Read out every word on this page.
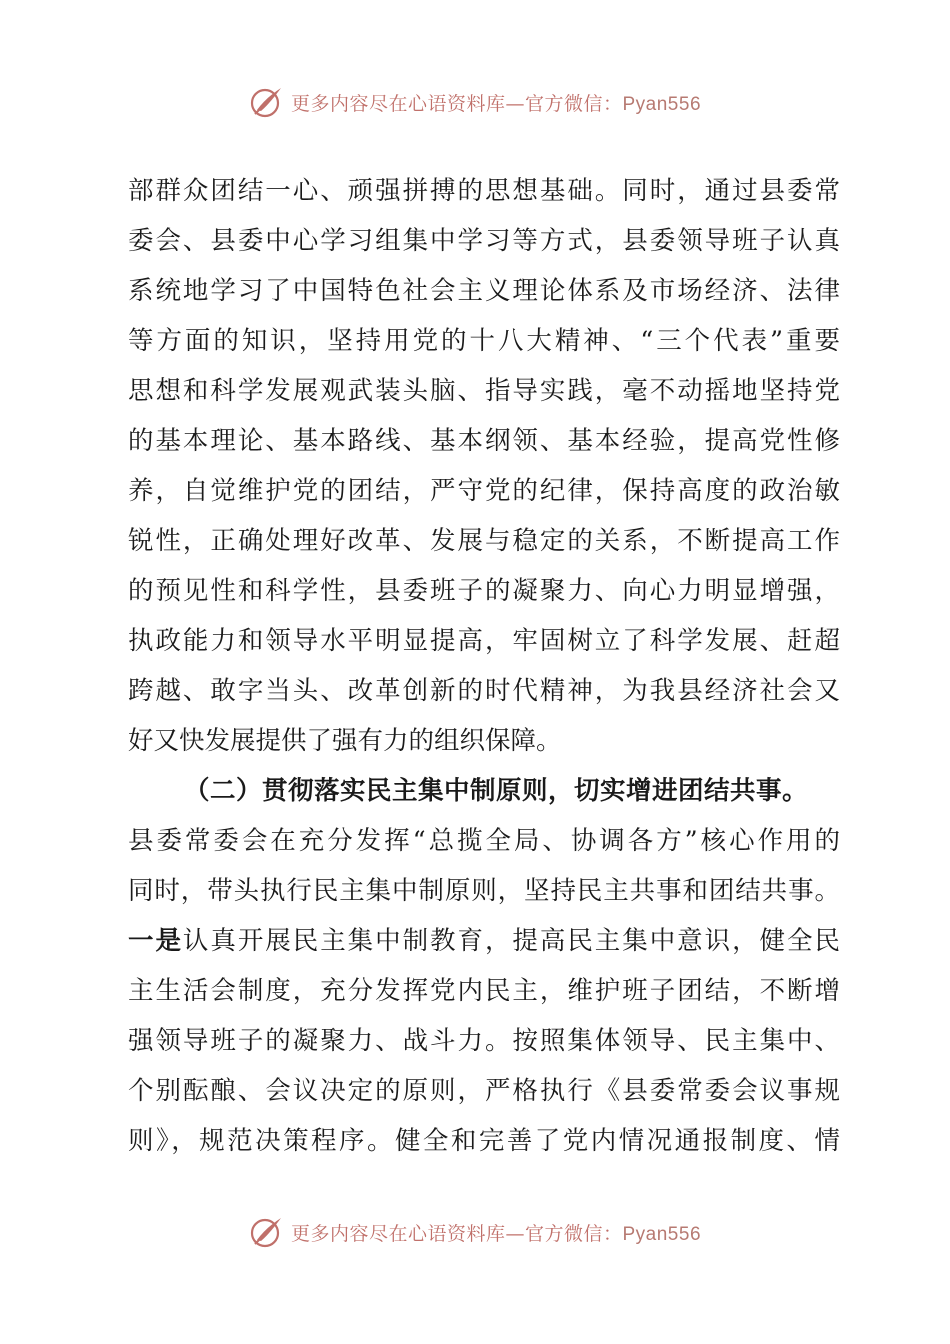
更多内容尽在心语资料库—官方微信：Pyan556
部群众团结一心、顽强拼搏的思想基础。同时，通过县委常
委会、县委中心学习组集中学习等方式，县委领导班子认真
系统地学习了中国特色社会主义理论体系及市场经济、法律
等方面的知识，坚持用党的十八大精神、“三个代表”重要
思想和科学发展观武装头脑、指导实践，毫不动摇地坚持党
的基本理论、基本路线、基本纲领、基本经验，提高党性修
养，自觉维护党的团结，严守党的纪律，保持高度的政治敏
锐性，正确处理好改革、发展与稳定的关系，不断提高工作
的预见性和科学性，县委班子的凝聚力、向心力明显增强，
执政能力和领导水平明显提高，牢固树立了科学发展、赶超
跨越、敢字当头、改革创新的时代精神，为我县经济社会又
好又快发展提供了强有力的组织保障。
（二）贯彻落实民主集中制原则，切实增进团结共事。
县委常委会在充分发挥“总揽全局、协调各方”核心作用的
同时，带头执行民主集中制原则，坚持民主共事和团结共事。
一是认真开展民主集中制教育，提高民主集中意识，健全民
主生活会制度，充分发挥党内民主，维护班子团结，不断增
强领导班子的凝聚力、战斗力。按照集体领导、民主集中、
个别酝酿、会议决定的原则，严格执行《县委常委会议事规
则》，规范决策程序。健全和完善了党内情况通报制度、情
更多内容尽在心语资料库—官方微信：Pyan556
